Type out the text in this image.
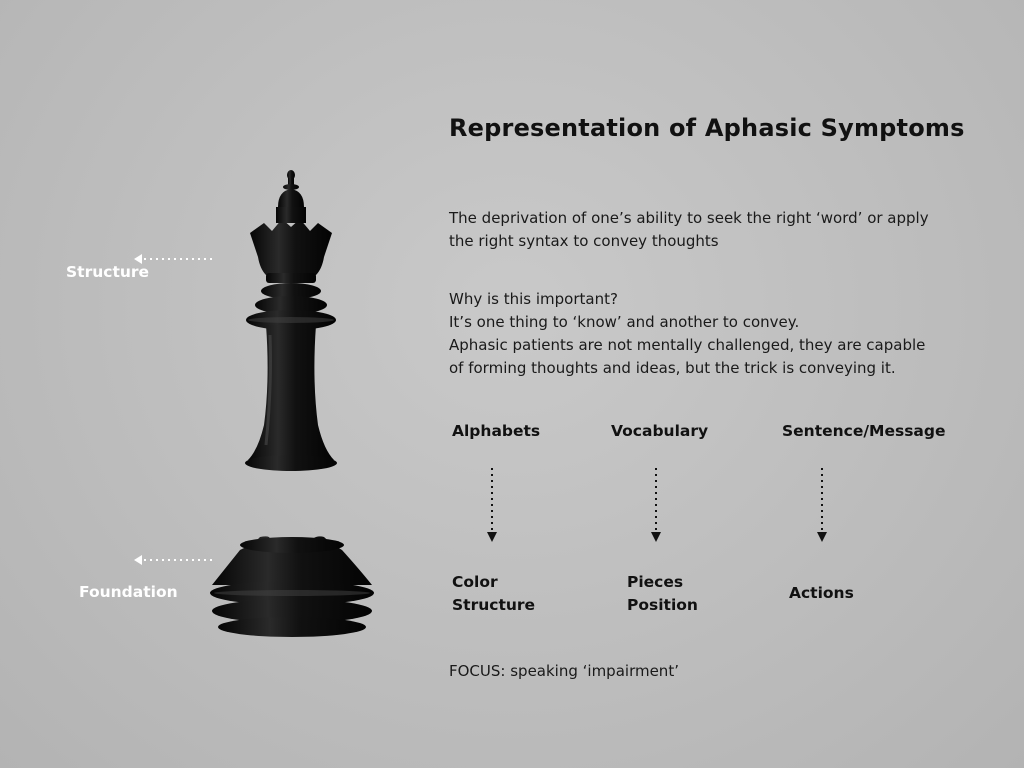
Representation of Aphasic Symptoms
The deprivation of one’s ability to seek the right ‘word’ or apply
the right syntax to convey thoughts
Why is this important?
It’s one thing to ‘know’ and another to convey.
Aphasic patients are not mentally challenged, they are capable
of forming thoughts and ideas, but the trick is conveying it.
Alphabets	Vocabulary	Sentence/Message
Color
Structure
Pieces
Position
Actions
FOCUS: speaking ‘impairment’
Structure
Foundation
